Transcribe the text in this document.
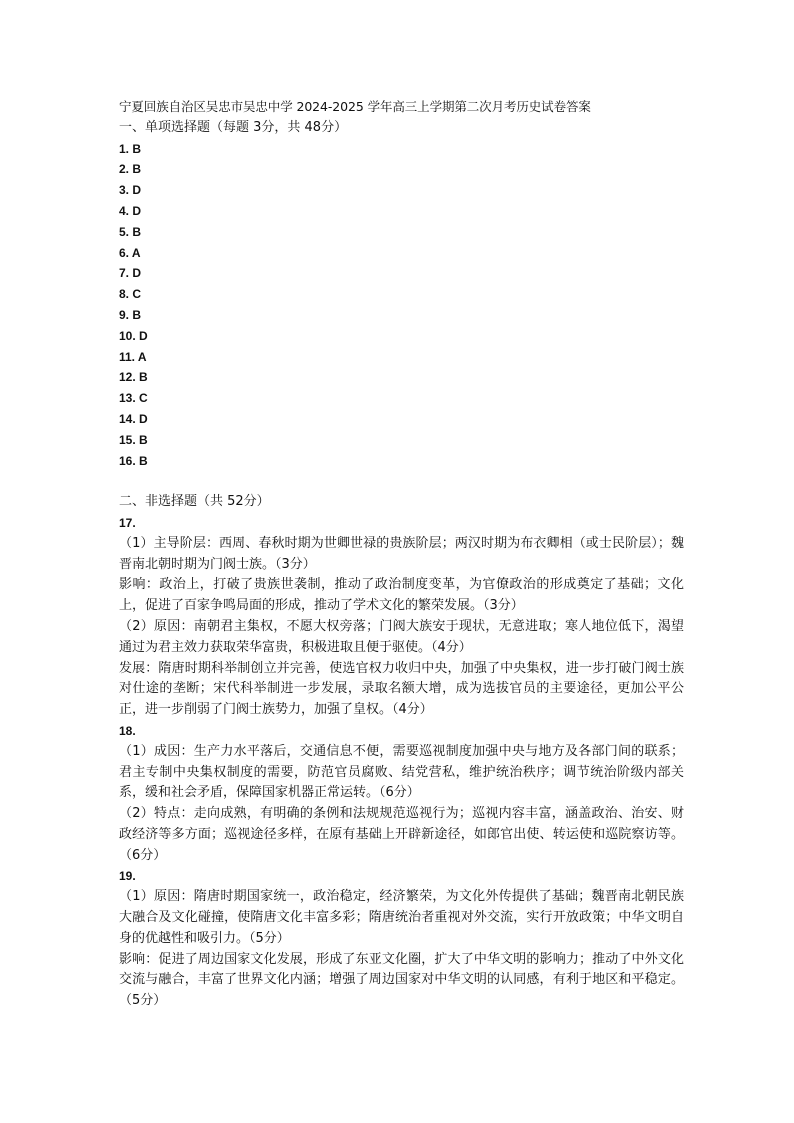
宁夏回族自治区吴忠市吴忠中学 2024-2025 学年高三上学期第二次月考历史试卷答案
一、单项选择题（每题 3分，共 48分）
1. B
2. B
3. D
4. D
5. B
6. A
7. D
8. C
9. B
10. D
11. A
12. B
13. C
14. D
15. B
16. B
二、非选择题（共 52分）
17.
（1）主导阶层：西周、春秋时期为世卿世禄的贵族阶层；两汉时期为布衣卿相（或士民阶层）；魏晋南北朝时期为门阀士族。（3分）
影响：政治上，打破了贵族世袭制，推动了政治制度变革，为官僚政治的形成奠定了基础；文化上，促进了百家争鸣局面的形成，推动了学术文化的繁荣发展。（3分）
（2）原因：南朝君主集权，不愿大权旁落；门阀大族安于现状，无意进取；寒人地位低下，渴望通过为君主效力获取荣华富贵，积极进取且便于驱使。（4分）
发展：隋唐时期科举制创立并完善，使选官权力收归中央，加强了中央集权，进一步打破门阀士族对仕途的垄断；宋代科举制进一步发展，录取名额大增，成为选拔官员的主要途径，更加公平公正，进一步削弱了门阀士族势力，加强了皇权。（4分）
18.
（1）成因：生产力水平落后，交通信息不便，需要巡视制度加强中央与地方及各部门间的联系；君主专制中央集权制度的需要，防范官员腐败、结党营私，维护统治秩序；调节统治阶级内部关系，缓和社会矛盾，保障国家机器正常运转。（6分）
（2）特点：走向成熟，有明确的条例和法规规范巡视行为；巡视内容丰富，涵盖政治、治安、财政经济等多方面；巡视途径多样，在原有基础上开辟新途径，如郎官出使、转运使和巡院察访等。（6分）
19.
（1）原因：隋唐时期国家统一，政治稳定，经济繁荣，为文化外传提供了基础；魏晋南北朝民族大融合及文化碰撞，使隋唐文化丰富多彩；隋唐统治者重视对外交流，实行开放政策；中华文明自身的优越性和吸引力。（5分）
影响：促进了周边国家文化发展，形成了东亚文化圈，扩大了中华文明的影响力；推动了中外文化交流与融合，丰富了世界文化内涵；增强了周边国家对中华文明的认同感，有利于地区和平稳定。（5分）
